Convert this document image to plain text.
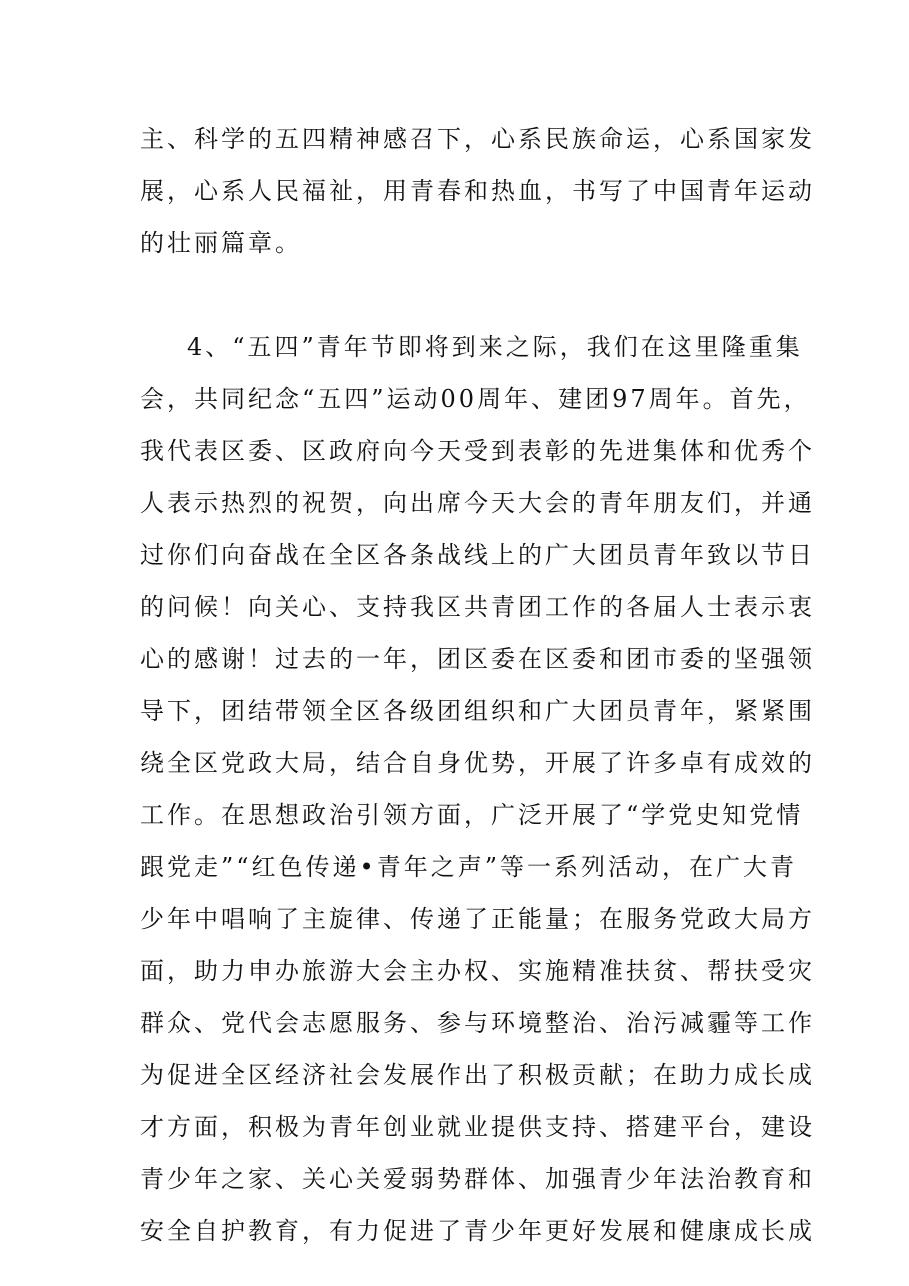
主、科学的五四精神感召下，心系民族命运，心系国家发
展，心系人民福祉，用青春和热血，书写了中国青年运动
的壮丽篇章。
4、“五四”青年节即将到来之际，我们在这里隆重集
会，共同纪念“五四”运动00周年、建团97周年。首先，
我代表区委、区政府向今天受到表彰的先进集体和优秀个
人表示热烈的祝贺，向出席今天大会的青年朋友们，并通
过你们向奋战在全区各条战线上的广大团员青年致以节日
的问候！向关心、支持我区共青团工作的各届人士表示衷
心的感谢！过去的一年，团区委在区委和团市委的坚强领
导下，团结带领全区各级团组织和广大团员青年，紧紧围
绕全区党政大局，结合自身优势，开展了许多卓有成效的
工作。在思想政治引领方面，广泛开展了“学党史知党情
跟党走”“红色传递•青年之声”等一系列活动，在广大青
少年中唱响了主旋律、传递了正能量；在服务党政大局方
面，助力申办旅游大会主办权、实施精准扶贫、帮扶受灾
群众、党代会志愿服务、参与环境整治、治污减霾等工作
为促进全区经济社会发展作出了积极贡献；在助力成长成
才方面，积极为青年创业就业提供支持、搭建平台，建设
青少年之家、关心关爱弱势群体、加强青少年法治教育和
安全自护教育，有力促进了青少年更好发展和健康成长成
